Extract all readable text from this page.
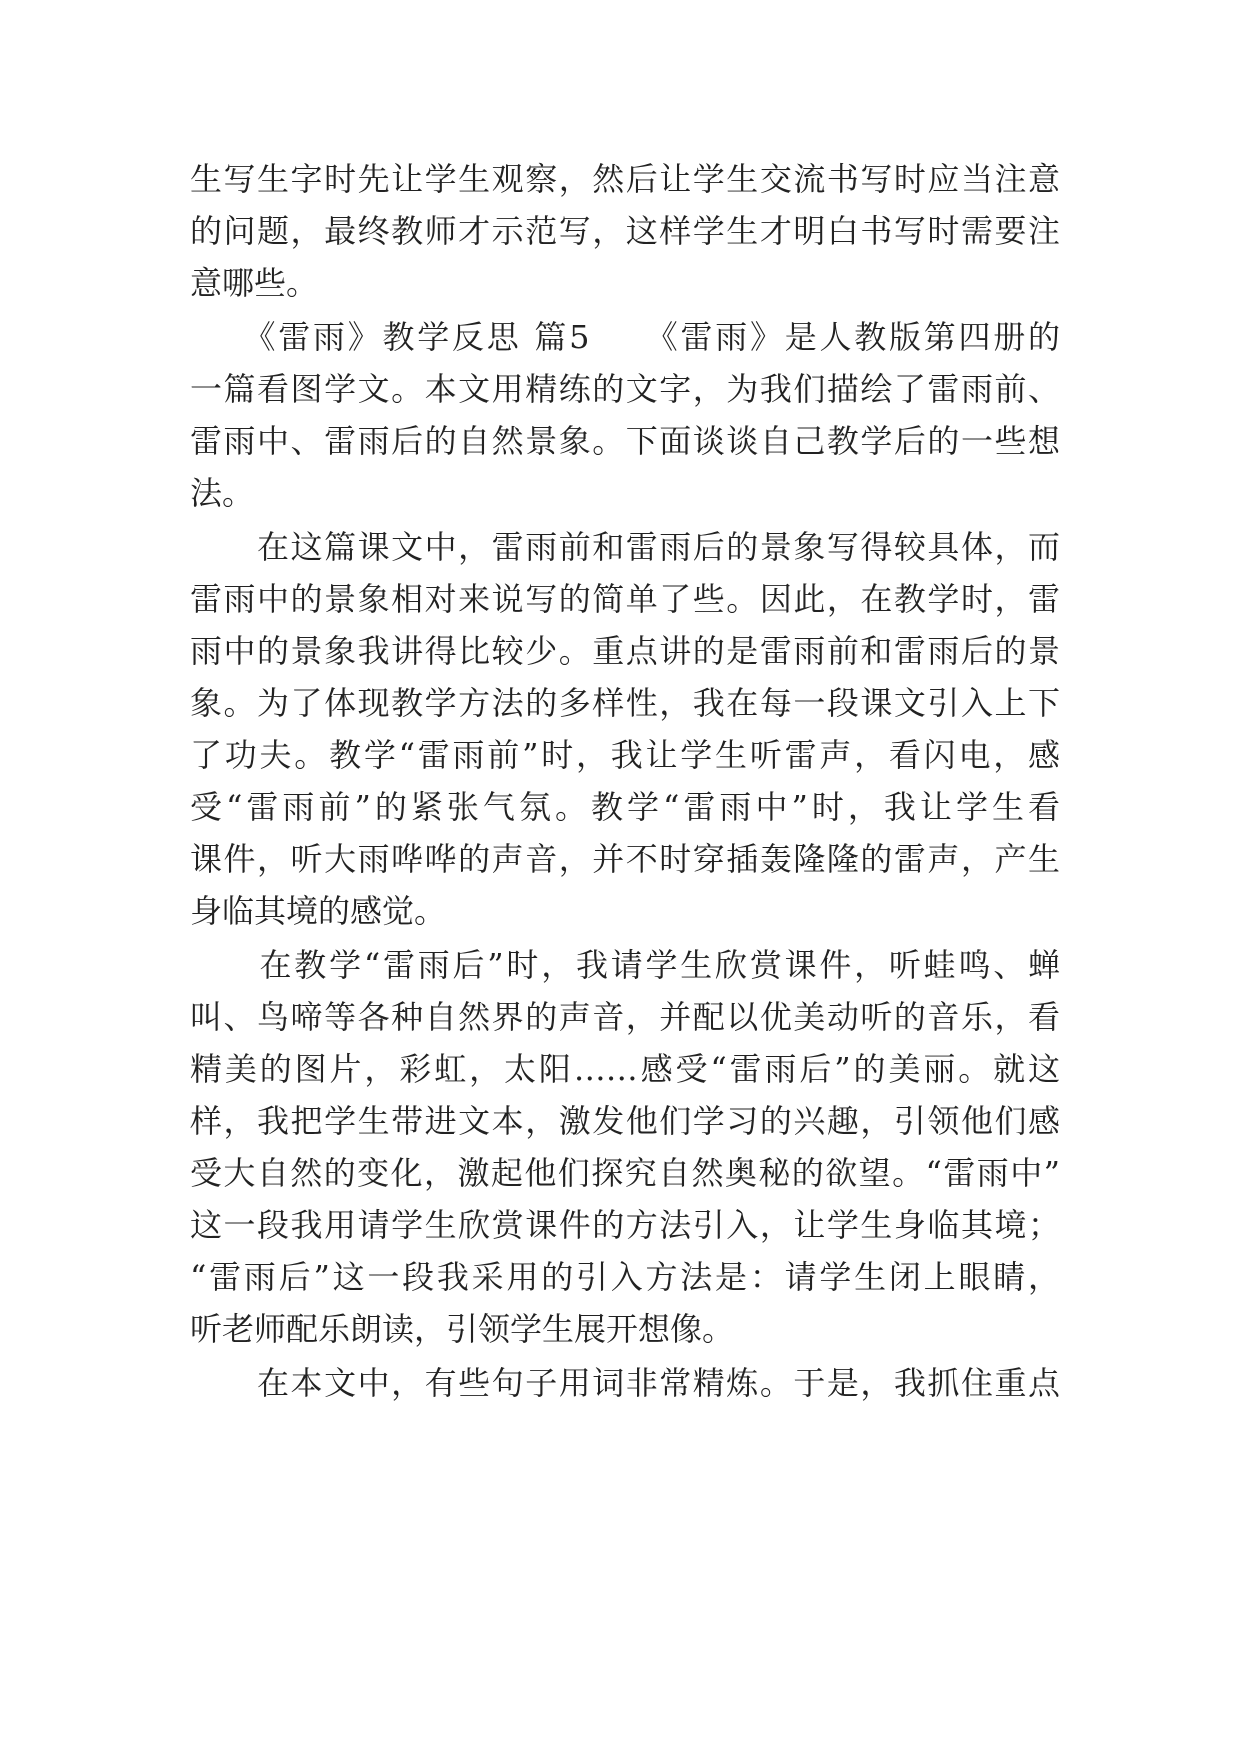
生写生字时先让学生观察，然后让学生交流书写时应当注意
的问题，最终教师才示范写，这样学生才明白书写时需要注
意哪些。
　　《雷雨》教学反思 篇5　　《雷雨》是人教版第四册的
一篇看图学文。本文用精练的文字，为我们描绘了雷雨前、
雷雨中、雷雨后的自然景象。下面谈谈自己教学后的一些想
法。
　　在这篇课文中，雷雨前和雷雨后的景象写得较具体，而
雷雨中的景象相对来说写的简单了些。因此，在教学时，雷
雨中的景象我讲得比较少。重点讲的是雷雨前和雷雨后的景
象。为了体现教学方法的多样性，我在每一段课文引入上下
了功夫。教学“雷雨前”时，我让学生听雷声，看闪电，感
受“雷雨前”的紧张气氛。教学“雷雨中”时，我让学生看
课件，听大雨哗哗的声音，并不时穿插轰隆隆的雷声，产生
身临其境的感觉。
　　在教学“雷雨后”时，我请学生欣赏课件，听蛙鸣、蝉
叫、鸟啼等各种自然界的声音，并配以优美动听的音乐，看
精美的图片，彩虹，太阳……感受“雷雨后”的美丽。就这
样，我把学生带进文本，激发他们学习的兴趣，引领他们感
受大自然的变化，激起他们探究自然奥秘的欲望。“雷雨中”
这一段我用请学生欣赏课件的方法引入，让学生身临其境；
“雷雨后”这一段我采用的引入方法是：请学生闭上眼睛，
听老师配乐朗读，引领学生展开想像。
　　在本文中，有些句子用词非常精炼。于是，我抓住重点
